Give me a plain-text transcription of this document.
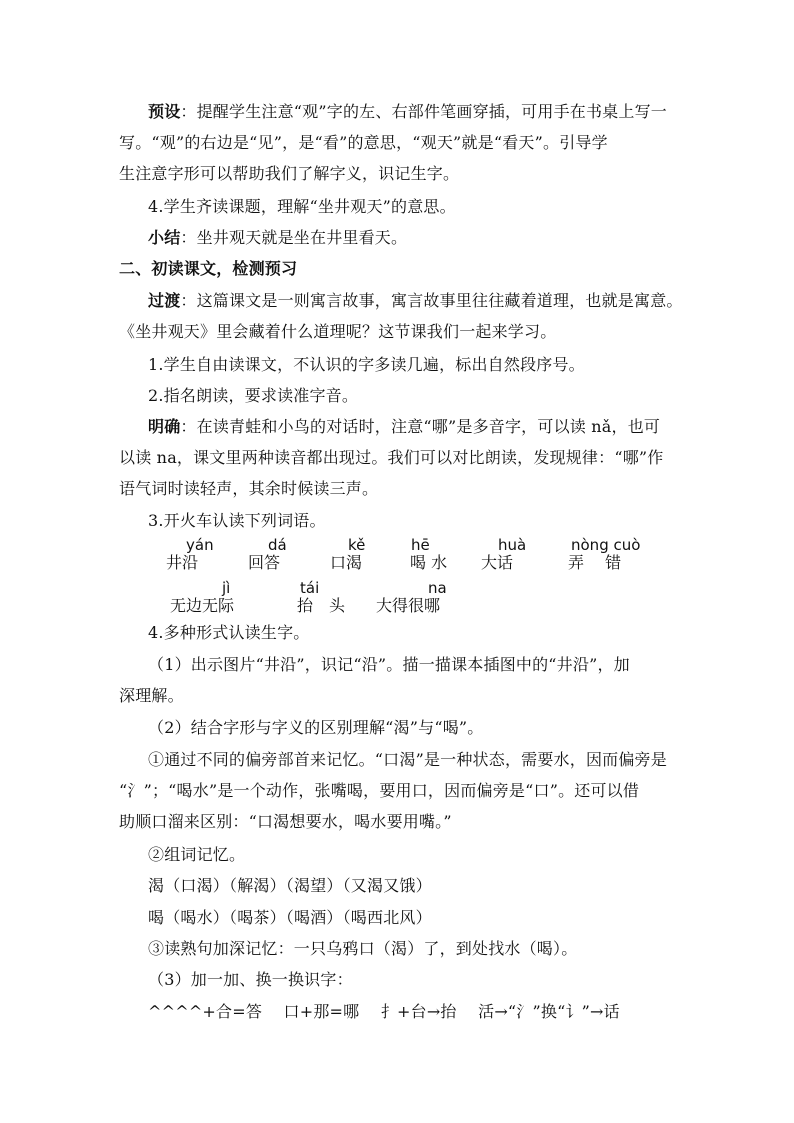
预设：提醒学生注意“观”字的左、右部件笔画穿插，可用手在书桌上写一
写。“观”的右边是“见”，是“看”的意思，“观天”就是“看天”。引导学
生注意字形可以帮助我们了解字义，识记生字。
4.学生齐读课题，理解“坐井观天”的意思。
小结：坐井观天就是坐在井里看天。
二、初读课文，检测预习
过渡：这篇课文是一则寓言故事，寓言故事里往往藏着道理，也就是寓意。
《坐井观天》里会藏着什么道理呢？这节课我们一起来学习。
1.学生自由读课文，不认识的字多读几遍，标出自然段序号。
2.指名朗读，要求读准字音。
明确：在读青蛙和小鸟的对话时，注意“哪”是多音字，可以读 nǎ，也可
以读 na，课文里两种读音都出现过。我们可以对比朗读，发现规律：“哪”作
语气词时读轻声，其余时候读三声。
3.开火车认读下列词语。
yán	dá	kě	hē	huà	nòng cuò
井沿	回答	口渴	喝 水 大话	弄　 错
jì	tái	na
无边无际	抬　头 大得很哪
4.多种形式认读生字。
（1）出示图片“井沿”，识记“沿”。描一描课本插图中的“井沿”，加
深理解。
（2）结合字形与字义的区别理解“渴”与“喝”。
①通过不同的偏旁部首来记忆。“口渴”是一种状态，需要水，因而偏旁是
“氵”；“喝水”是一个动作，张嘴喝，要用口，因而偏旁是“口”。还可以借
助顺口溜来区别：“口渴想要水，喝水要用嘴。”
②组词记忆。
渴（口渴）（解渴）（渴望）（又渴又饿）
喝（喝水）（喝茶）（喝酒）（喝西北风）
③读熟句加深记忆：一只乌鸦口（渴）了，到处找水（喝）。
（3）加一加、换一换识字：
^^^^+合=答　 口+那=哪　 扌+台→抬　 活→“氵”换“讠”→话
